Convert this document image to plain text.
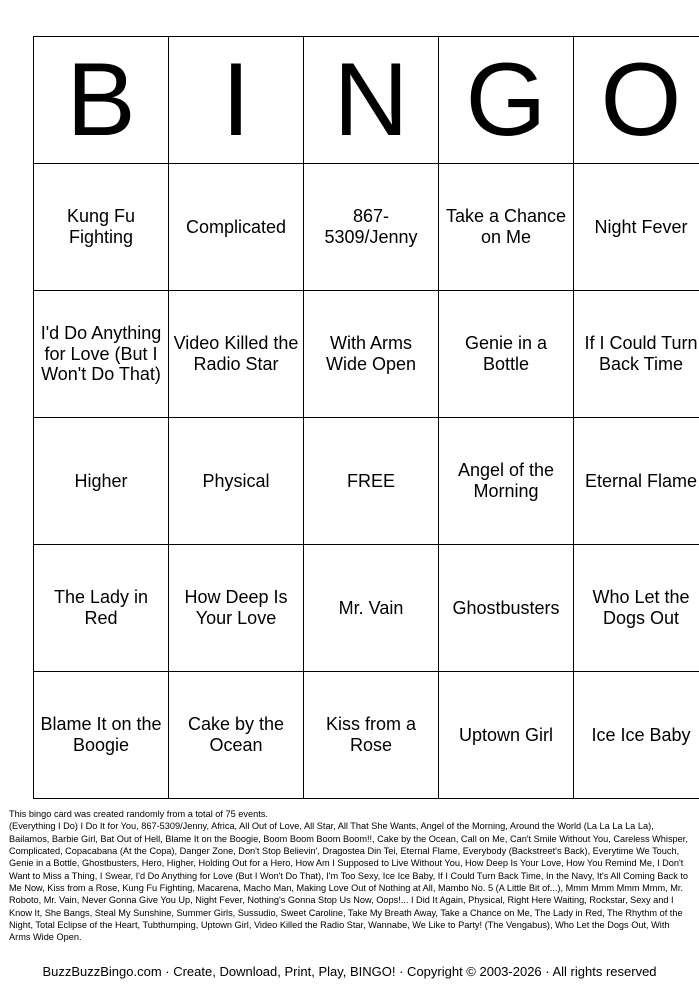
B	I	N	G	O
Kung Fu Fighting	Complicated	867-5309/Jenny	Take a Chance on Me	Night Fever
I'd Do Anything for Love (But I Won't Do That)	Video Killed the Radio Star	With Arms Wide Open	Genie in a Bottle	If I Could Turn Back Time
Higher	Physical	FREE	Angel of the Morning	Eternal Flame
The Lady in Red	How Deep Is Your Love	Mr. Vain	Ghostbusters	Who Let the Dogs Out
Blame It on the Boogie	Cake by the Ocean	Kiss from a Rose	Uptown Girl	Ice Ice Baby
This bingo card was created randomly from a total of 75 events.
(Everything I Do) I Do It for You, 867-5309/Jenny, Africa, All Out of Love, All Star, All That She Wants, Angel of the Morning, Around the World (La La La La La), Bailamos, Barbie Girl, Bat Out of Hell, Blame It on the Boogie, Boom Boom Boom Boom!!, Cake by the Ocean, Call on Me, Can't Smile Without You, Careless Whisper, Complicated, Copacabana (At the Copa), Danger Zone, Don't Stop Believin', Dragostea Din Tei, Eternal Flame, Everybody (Backstreet's Back), Everytime We Touch, Genie in a Bottle, Ghostbusters, Hero, Higher, Holding Out for a Hero, How Am I Supposed to Live Without You, How Deep Is Your Love, How You Remind Me, I Don't Want to Miss a Thing, I Swear, I'd Do Anything for Love (But I Won't Do That), I'm Too Sexy, Ice Ice Baby, If I Could Turn Back Time, In the Navy, It's All Coming Back to Me Now, Kiss from a Rose, Kung Fu Fighting, Macarena, Macho Man, Making Love Out of Nothing at All, Mambo No. 5 (A Little Bit of...), Mmm Mmm Mmm Mmm, Mr. Roboto, Mr. Vain, Never Gonna Give You Up, Night Fever, Nothing's Gonna Stop Us Now, Oops!... I Did It Again, Physical, Right Here Waiting, Rockstar, Sexy and I Know It, She Bangs, Steal My Sunshine, Summer Girls, Sussudio, Sweet Caroline, Take My Breath Away, Take a Chance on Me, The Lady in Red, The Rhythm of the Night, Total Eclipse of the Heart, Tubthumping, Uptown Girl, Video Killed the Radio Star, Wannabe, We Like to Party! (The Vengabus), Who Let the Dogs Out, With Arms Wide Open.
BuzzBuzzBingo.com · Create, Download, Print, Play, BINGO! · Copyright © 2003-2026 · All rights reserved
